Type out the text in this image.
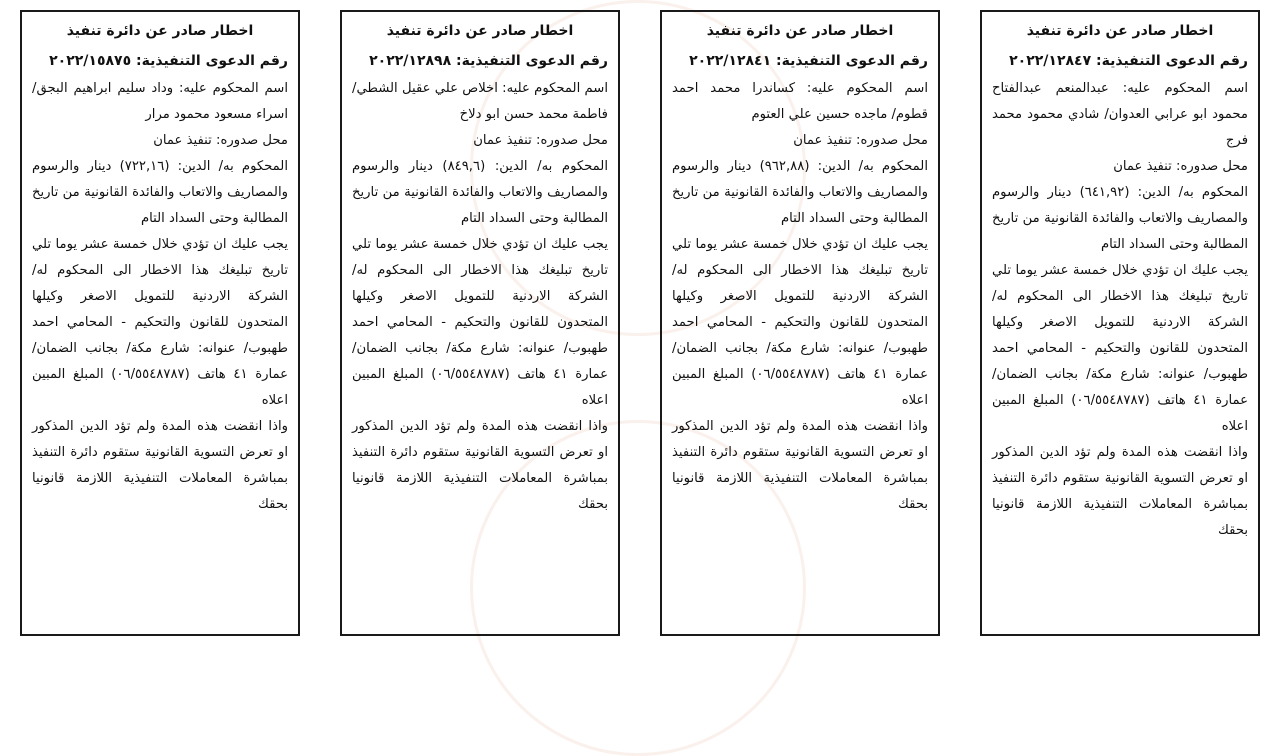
اخطار صادر عن دائرة تنفيذ
رقم الدعوى التنفيذية: ٢٠٢٢/١٢٨٤٧

اسم المحكوم عليه: عبدالمنعم عبدالفتاح محمود ابو عرابي العدوان/ شادي محمود محمد فرج

محل صدوره: تنفيذ عمان

المحكوم به/ الدين: (٦٤١,٩٢) دينار والرسوم والمصاريف والاتعاب والفائدة القانونية من تاريخ المطالبة وحتى السداد التام

يجب عليك ان تؤدي خلال خمسة عشر يوما تلي تاريخ تبليغك هذا الاخطار الى المحكوم له/ الشركة الاردنية للتمويل الاصغر وكيلها المتحدون للقانون والتحكيم - المحامي احمد طهبوب/ عنوانه: شارع مكة/ بجانب الضمان/ عمارة ٤١ هاتف (٠٦/٥٥٤٨٧٨٧) المبلغ المبين اعلاه

واذا انقضت هذه المدة ولم تؤد الدين المذكور او تعرض التسوية القانونية ستقوم دائرة التنفيذ بمباشرة المعاملات التنفيذية اللازمة قانونيا بحقك

اخطار صادر عن دائرة تنفيذ
رقم الدعوى التنفيذية: ٢٠٢٢/١٢٨٤١

اسم المحكوم عليه: كساندرا محمد احمد قطوم/ ماجده حسين علي العتوم

محل صدوره: تنفيذ عمان

المحكوم به/ الدين: (٩٦٢,٨٨) دينار والرسوم والمصاريف والاتعاب والفائدة القانونية من تاريخ المطالبة وحتى السداد التام

يجب عليك ان تؤدي خلال خمسة عشر يوما تلي تاريخ تبليغك هذا الاخطار الى المحكوم له/ الشركة الاردنية للتمويل الاصغر وكيلها المتحدون للقانون والتحكيم - المحامي احمد طهبوب/ عنوانه: شارع مكة/ بجانب الضمان/ عمارة ٤١ هاتف (٠٦/٥٥٤٨٧٨٧) المبلغ المبين اعلاه

واذا انقضت هذه المدة ولم تؤد الدين المذكور او تعرض التسوية القانونية ستقوم دائرة التنفيذ بمباشرة المعاملات التنفيذية اللازمة قانونيا بحقك

اخطار صادر عن دائرة تنفيذ
رقم الدعوى التنفيذية: ٢٠٢٢/١٢٨٩٨

اسم المحكوم عليه: اخلاص علي عقيل الشطي/ فاطمة محمد حسن ابو دلاخ

محل صدوره: تنفيذ عمان

المحكوم به/ الدين: (٨٤٩,٦) دينار والرسوم والمصاريف والاتعاب والفائدة القانونية من تاريخ المطالبة وحتى السداد التام

يجب عليك ان تؤدي خلال خمسة عشر يوما تلي تاريخ تبليغك هذا الاخطار الى المحكوم له/ الشركة الاردنية للتمويل الاصغر وكيلها المتحدون للقانون والتحكيم - المحامي احمد طهبوب/ عنوانه: شارع مكة/ بجانب الضمان/ عمارة ٤١ هاتف (٠٦/٥٥٤٨٧٨٧) المبلغ المبين اعلاه

واذا انقضت هذه المدة ولم تؤد الدين المذكور او تعرض التسوية القانونية ستقوم دائرة التنفيذ بمباشرة المعاملات التنفيذية اللازمة قانونيا بحقك

اخطار صادر عن دائرة تنفيذ
رقم الدعوى التنفيذية: ٢٠٢٢/١٥٨٧٥

اسم المحكوم عليه: وداد سليم ابراهيم البجق/ اسراء مسعود محمود مرار

محل صدوره: تنفيذ عمان

المحكوم به/ الدين: (٧٢٢,١٦) دينار والرسوم والمصاريف والاتعاب والفائدة القانونية من تاريخ المطالبة وحتى السداد التام

يجب عليك ان تؤدي خلال خمسة عشر يوما تلي تاريخ تبليغك هذا الاخطار الى المحكوم له/ الشركة الاردنية للتمويل الاصغر وكيلها المتحدون للقانون والتحكيم - المحامي احمد طهبوب/ عنوانه: شارع مكة/ بجانب الضمان/ عمارة ٤١ هاتف (٠٦/٥٥٤٨٧٨٧) المبلغ المبين اعلاه

واذا انقضت هذه المدة ولم تؤد الدين المذكور او تعرض التسوية القانونية ستقوم دائرة التنفيذ بمباشرة المعاملات التنفيذية اللازمة قانونيا بحقك
